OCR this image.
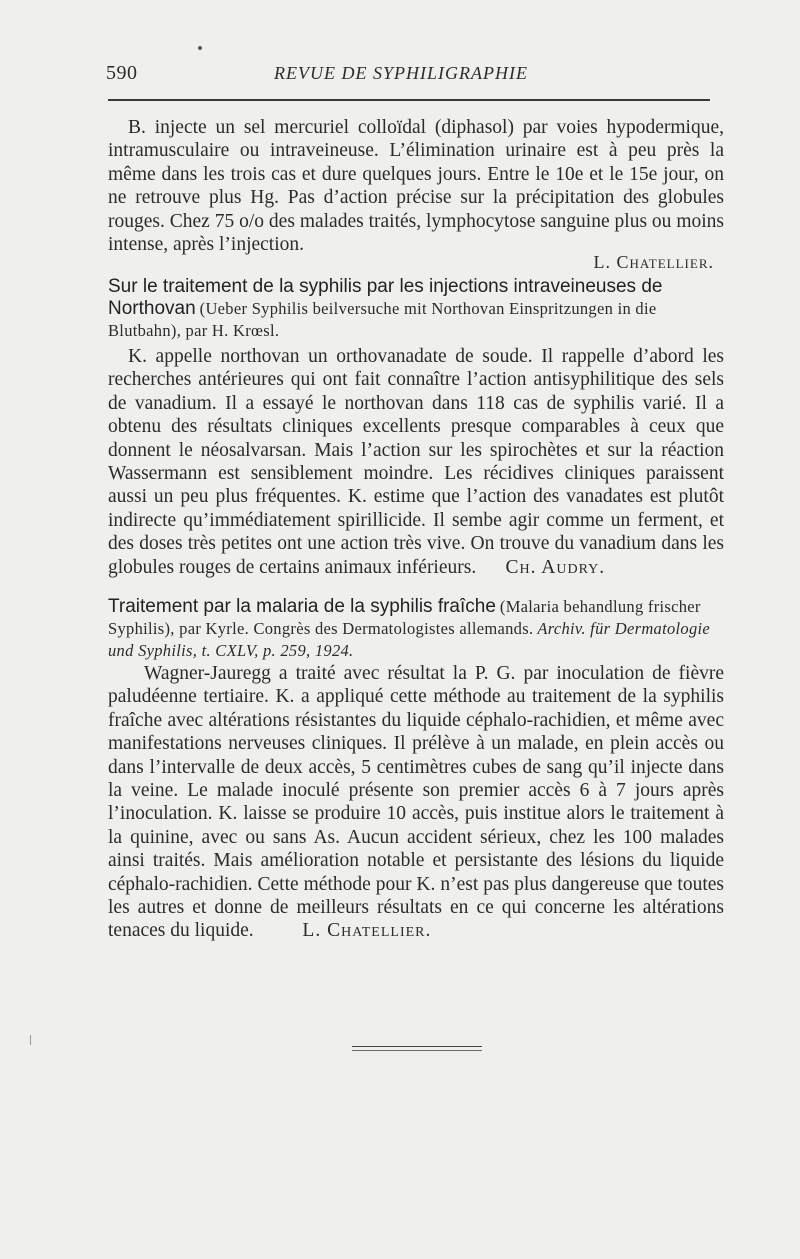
590	REVUE DE SYPHILIGRAPHIE

B. injecte un sel mercuriel colloïdal (diphasol) par voies hypodermique, intramusculaire ou intraveineuse. L’élimination urinaire est à peu près la même dans les trois cas et dure quelques jours. Entre le 10e et le 15e jour, on ne retrouve plus Hg. Pas d’action précise sur la précipitation des globules rouges. Chez 75 o/o des malades traités, lymphocytose sanguine plus ou moins intense, après l’injection.

L. Chatellier.
Sur le traitement de la syphilis par les injections intraveineuses de Northovan (Ueber Syphilis beilversuche mit Northovan Einspritzungen in die Blutbahn), par H. Krœsl.

K. appelle northovan un orthovanadate de soude. Il rappelle d’abord les recherches antérieures qui ont fait connaître l’action antisyphilitique des sels de vanadium. Il a essayé le northovan dans 118 cas de syphilis varié. Il a obtenu des résultats cliniques excellents presque comparables à ceux que donnent le néosalvarsan. Mais l’action sur les spirochètes et sur la réaction Wassermann est sensiblement moindre. Les récidives cliniques paraissent aussi un peu plus fréquentes. K. estime que l’action des vanadates est plutôt indirecte qu’immédiatement spirillicide. Il sembe agir comme un ferment, et des doses très petites ont une action très vive. On trouve du vanadium dans les globules rouges de certains animaux inférieurs. Ch. Audry.

Traitement par la malaria de la syphilis fraîche (Malaria behandlung frischer Syphilis), par Kyrle. Congrès des Dermatologistes allemands. Archiv. für Dermatologie und Syphilis, t. CXLV, p. 259, 1924.

Wagner-Jauregg a traité avec résultat la P. G. par inoculation de fièvre paludéenne tertiaire. K. a appliqué cette méthode au traitement de la syphilis fraîche avec altérations résistantes du liquide céphalo-rachidien, et même avec manifestations nerveuses cliniques. Il prélève à un malade, en plein accès ou dans l’intervalle de deux accès, 5 centimètres cubes de sang qu’il injecte dans la veine. Le malade inoculé présente son premier accès 6 à 7 jours après l’inoculation. K. laisse se produire 10 accès, puis institue alors le traitement à la quinine, avec ou sans As. Aucun accident sérieux, chez les 100 malades ainsi traités. Mais amélioration notable et persistante des lésions du liquide céphalo-rachidien. Cette méthode pour K. n’est pas plus dangereuse que toutes les autres et donne de meilleurs résultats en ce qui concerne les altérations tenaces du liquide.	L. Chatellier.
